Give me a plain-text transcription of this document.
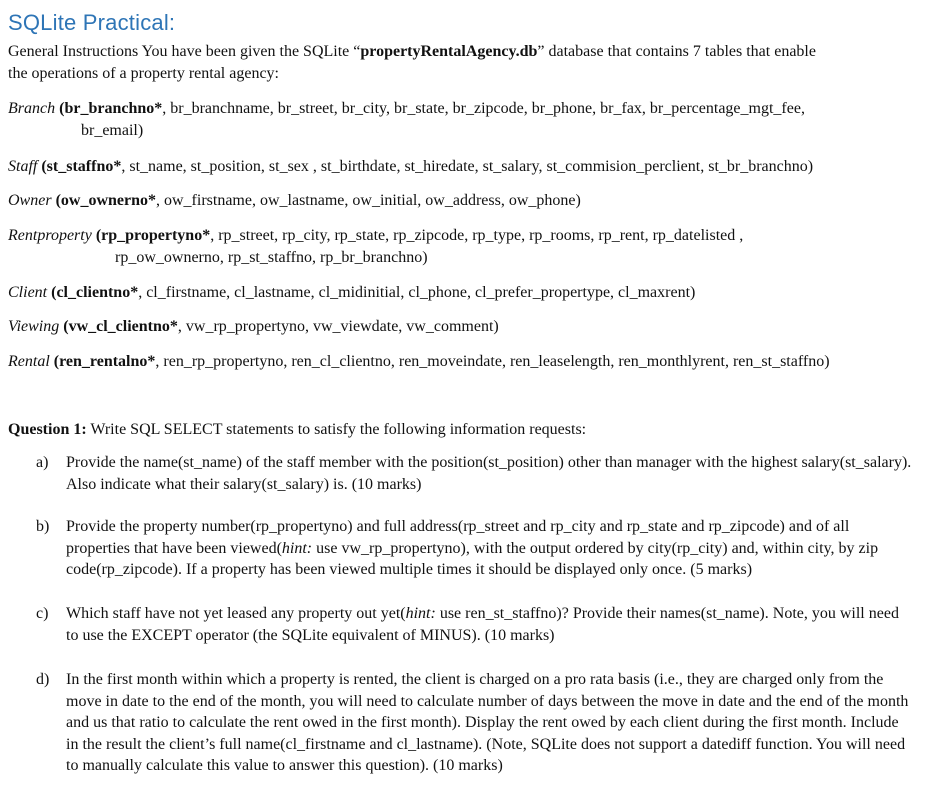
SQLite Practical:
General Instructions You have been given the SQLite “propertyRentalAgency.db” database that contains 7 tables that enable
the operations of a property rental agency:
Branch (br_branchno*, br_branchname, br_street, br_city, br_state, br_zipcode, br_phone, br_fax, br_percentage_mgt_fee,
br_email)
Staff (st_staffno*, st_name, st_position, st_sex , st_birthdate, st_hiredate, st_salary, st_commision_perclient, st_br_branchno)
Owner (ow_ownerno*, ow_firstname, ow_lastname, ow_initial, ow_address, ow_phone)
Rentproperty (rp_propertyno*, rp_street, rp_city, rp_state, rp_zipcode, rp_type, rp_rooms, rp_rent, rp_datelisted ,
rp_ow_ownerno, rp_st_staffno, rp_br_branchno)
Client (cl_clientno*, cl_firstname, cl_lastname, cl_midinitial, cl_phone, cl_prefer_propertype, cl_maxrent)
Viewing (vw_cl_clientno*, vw_rp_propertyno, vw_viewdate, vw_comment)
Rental (ren_rentalno*, ren_rp_propertyno, ren_cl_clientno, ren_moveindate, ren_leaselength, ren_monthlyrent, ren_st_staffno)
Question 1: Write SQL SELECT statements to satisfy the following information requests:
a) Provide the name(st_name) of the staff member with the position(st_position) other than manager with the highest salary(st_salary). Also indicate what their salary(st_salary) is. (10 marks)
b) Provide the property number(rp_propertyno) and full address(rp_street and rp_city and rp_state and rp_zipcode) and of all properties that have been viewed(hint: use vw_rp_propertyno), with the output ordered by city(rp_city) and, within city, by zip code(rp_zipcode). If a property has been viewed multiple times it should be displayed only once. (5 marks)
c) Which staff have not yet leased any property out yet(hint: use ren_st_staffno)? Provide their names(st_name). Note, you will need to use the EXCEPT operator (the SQLite equivalent of MINUS). (10 marks)
d) In the first month within which a property is rented, the client is charged on a pro rata basis (i.e., they are charged only from the move in date to the end of the month, you will need to calculate number of days between the move in date and the end of the month and us that ratio to calculate the rent owed in the first month). Display the rent owed by each client during the first month. Include in the result the client’s full name(cl_firstname and cl_lastname). (Note, SQLite does not support a datediff function. You will need to manually calculate this value to answer this question). (10 marks)
